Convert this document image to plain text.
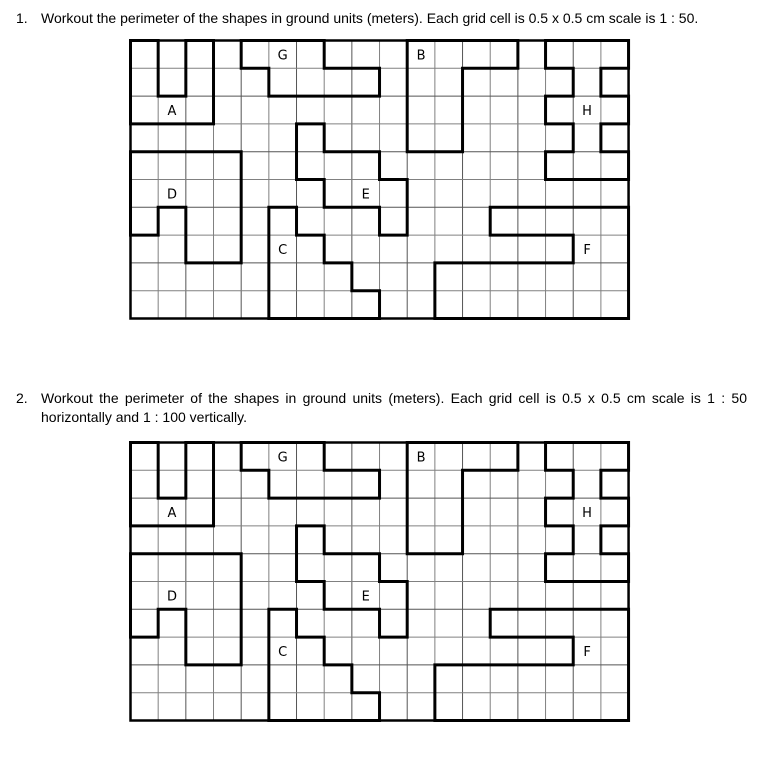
1. Workout the perimeter of the shapes in ground units (meters). Each grid cell is 0.5 x 0.5 cm scale is 1 : 50.
A
G	B
H
D	E
C	F
2. Workout the perimeter of the shapes in ground units (meters). Each grid cell is 0.5 x 0.5 cm scale is 1 : 50 horizontally and 1 : 100 vertically.
A
G	B
H
D	E
C	F
